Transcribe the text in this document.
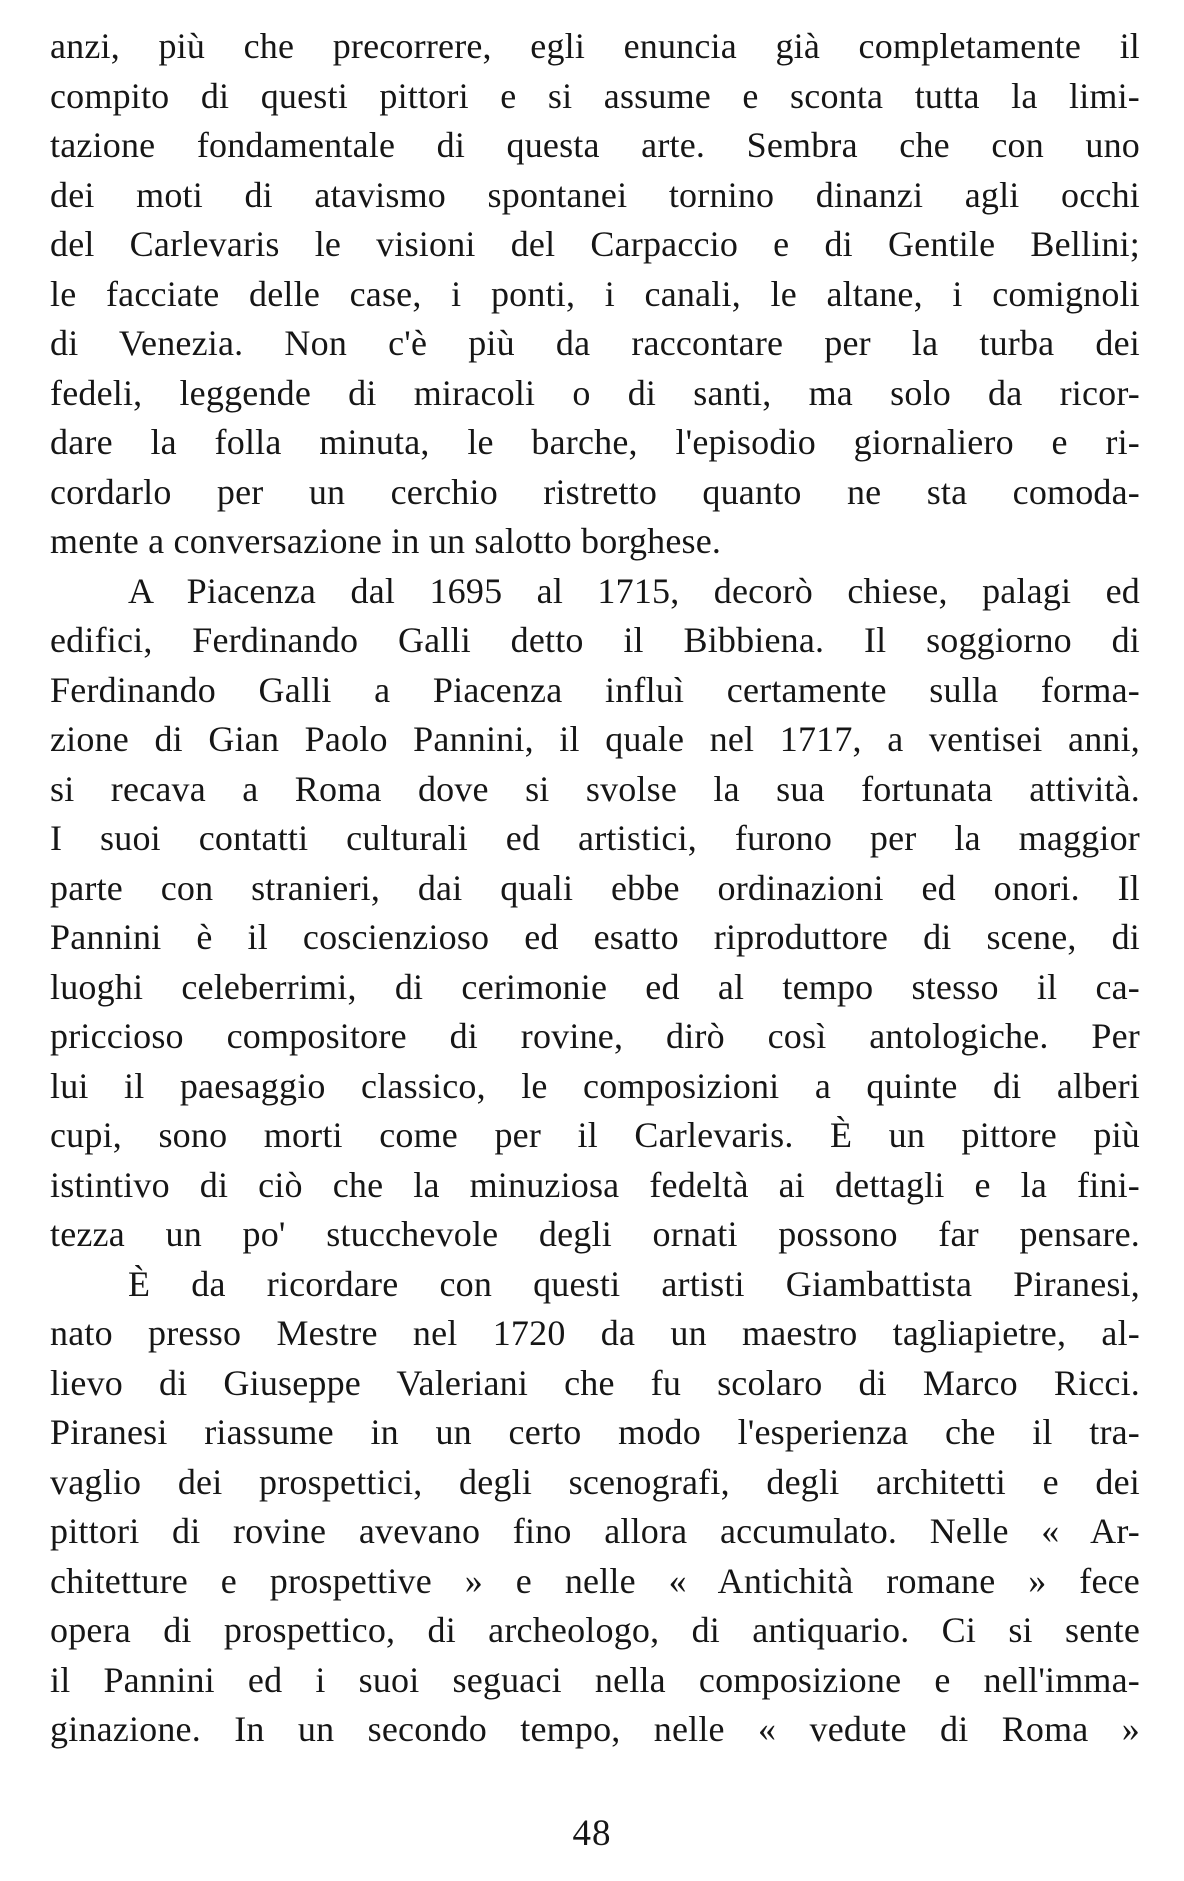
anzi, più che precorrere, egli enuncia già completamente il
compito di questi pittori e si assume e sconta tutta la limi-
tazione fondamentale di questa arte. Sembra che con uno
dei moti di atavismo spontanei tornino dinanzi agli occhi
del Carlevaris le visioni del Carpaccio e di Gentile Bellini;
le facciate delle case, i ponti, i canali, le altane, i comignoli
di Venezia. Non c'è più da raccontare per la turba dei
fedeli, leggende di miracoli o di santi, ma solo da ricor-
dare la folla minuta, le barche, l'episodio giornaliero e ri-
cordarlo per un cerchio ristretto quanto ne sta comoda-
mente a conversazione in un salotto borghese.
A Piacenza dal 1695 al 1715, decorò chiese, palagi ed
edifici, Ferdinando Galli detto il Bibbiena. Il soggiorno di
Ferdinando Galli a Piacenza influì certamente sulla forma-
zione di Gian Paolo Pannini, il quale nel 1717, a ventisei anni,
si recava a Roma dove si svolse la sua fortunata attività.
I suoi contatti culturali ed artistici, furono per la maggior
parte con stranieri, dai quali ebbe ordinazioni ed onori. Il
Pannini è il coscienzioso ed esatto riproduttore di scene, di
luoghi celeberrimi, di cerimonie ed al tempo stesso il ca-
priccioso compositore di rovine, dirò così antologiche. Per
lui il paesaggio classico, le composizioni a quinte di alberi
cupi, sono morti come per il Carlevaris. È un pittore più
istintivo di ciò che la minuziosa fedeltà ai dettagli e la fini-
tezza un po' stucchevole degli ornati possono far pensare.
È da ricordare con questi artisti Giambattista Piranesi,
nato presso Mestre nel 1720 da un maestro tagliapietre, al-
lievo di Giuseppe Valeriani che fu scolaro di Marco Ricci.
Piranesi riassume in un certo modo l'esperienza che il tra-
vaglio dei prospettici, degli scenografi, degli architetti e dei
pittori di rovine avevano fino allora accumulato. Nelle « Ar-
chitetture e prospettive » e nelle « Antichità romane » fece
opera di prospettico, di archeologo, di antiquario. Ci si sente
il Pannini ed i suoi seguaci nella composizione e nell'imma-
ginazione. In un secondo tempo, nelle « vedute di Roma »
48
